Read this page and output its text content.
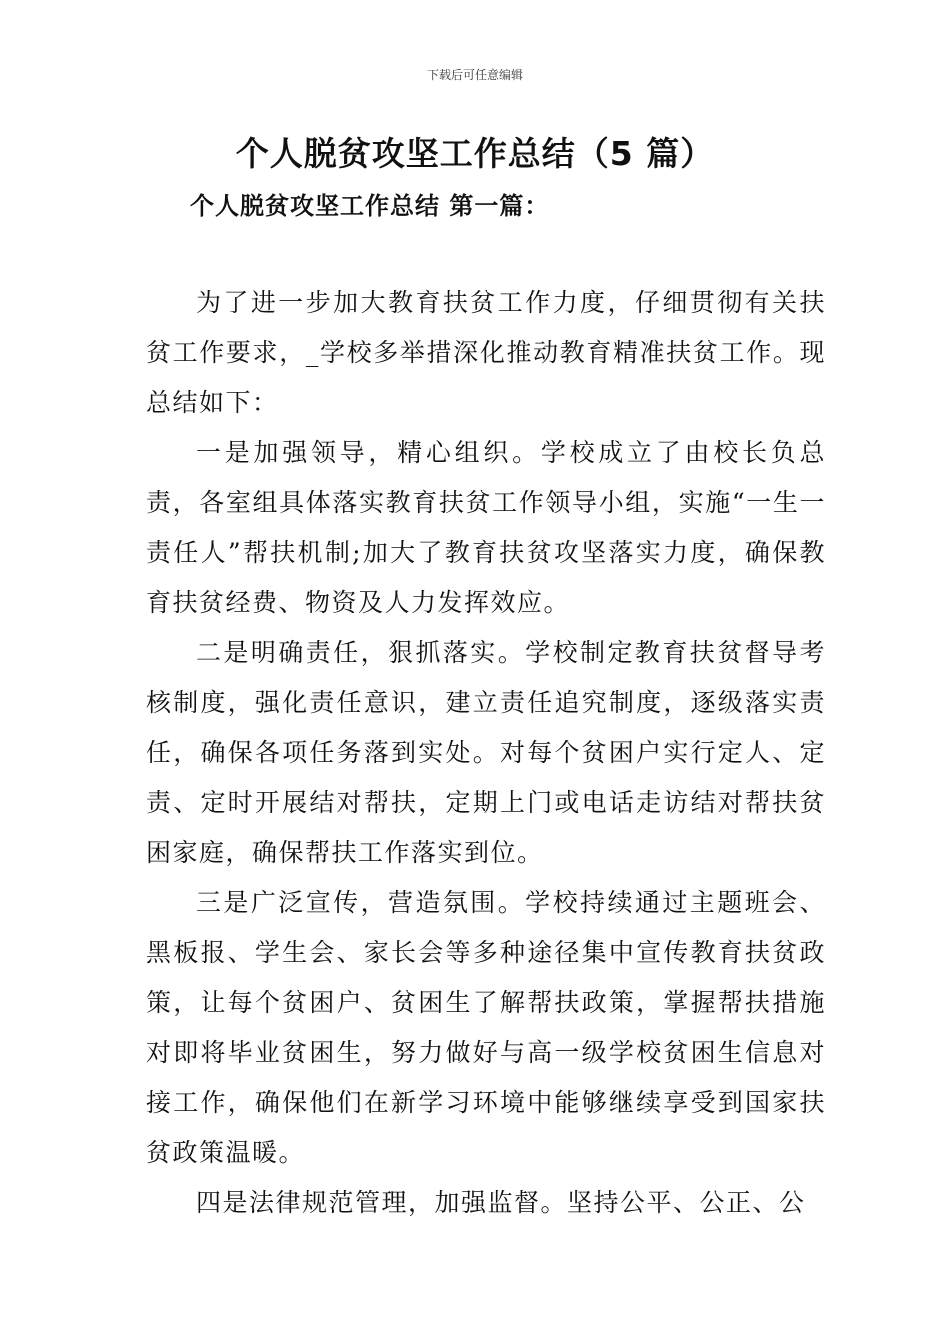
下载后可任意编辑
个人脱贫攻坚工作总结（5 篇）
个人脱贫攻坚工作总结 第一篇：

为了进一步加大教育扶贫工作力度，仔细贯彻有关扶贫工作要求，_学校多举措深化推动教育精准扶贫工作。现总结如下：

一是加强领导，精心组织。学校成立了由校长负总责，各室组具体落实教育扶贫工作领导小组，实施“一生一责任人”帮扶机制;加大了教育扶贫攻坚落实力度，确保教育扶贫经费、物资及人力发挥效应。

二是明确责任，狠抓落实。学校制定教育扶贫督导考核制度，强化责任意识，建立责任追究制度，逐级落实责任，确保各项任务落到实处。对每个贫困户实行定人、定责、定时开展结对帮扶，定期上门或电话走访结对帮扶贫困家庭，确保帮扶工作落实到位。

三是广泛宣传，营造氛围。学校持续通过主题班会、黑板报、学生会、家长会等多种途径集中宣传教育扶贫政策，让每个贫困户、贫困生了解帮扶政策，掌握帮扶措施对即将毕业贫困生，努力做好与高一级学校贫困生信息对接工作，确保他们在新学习环境中能够继续享受到国家扶贫政策温暖。

四是法律规范管理，加强监督。坚持公平、公正、公
